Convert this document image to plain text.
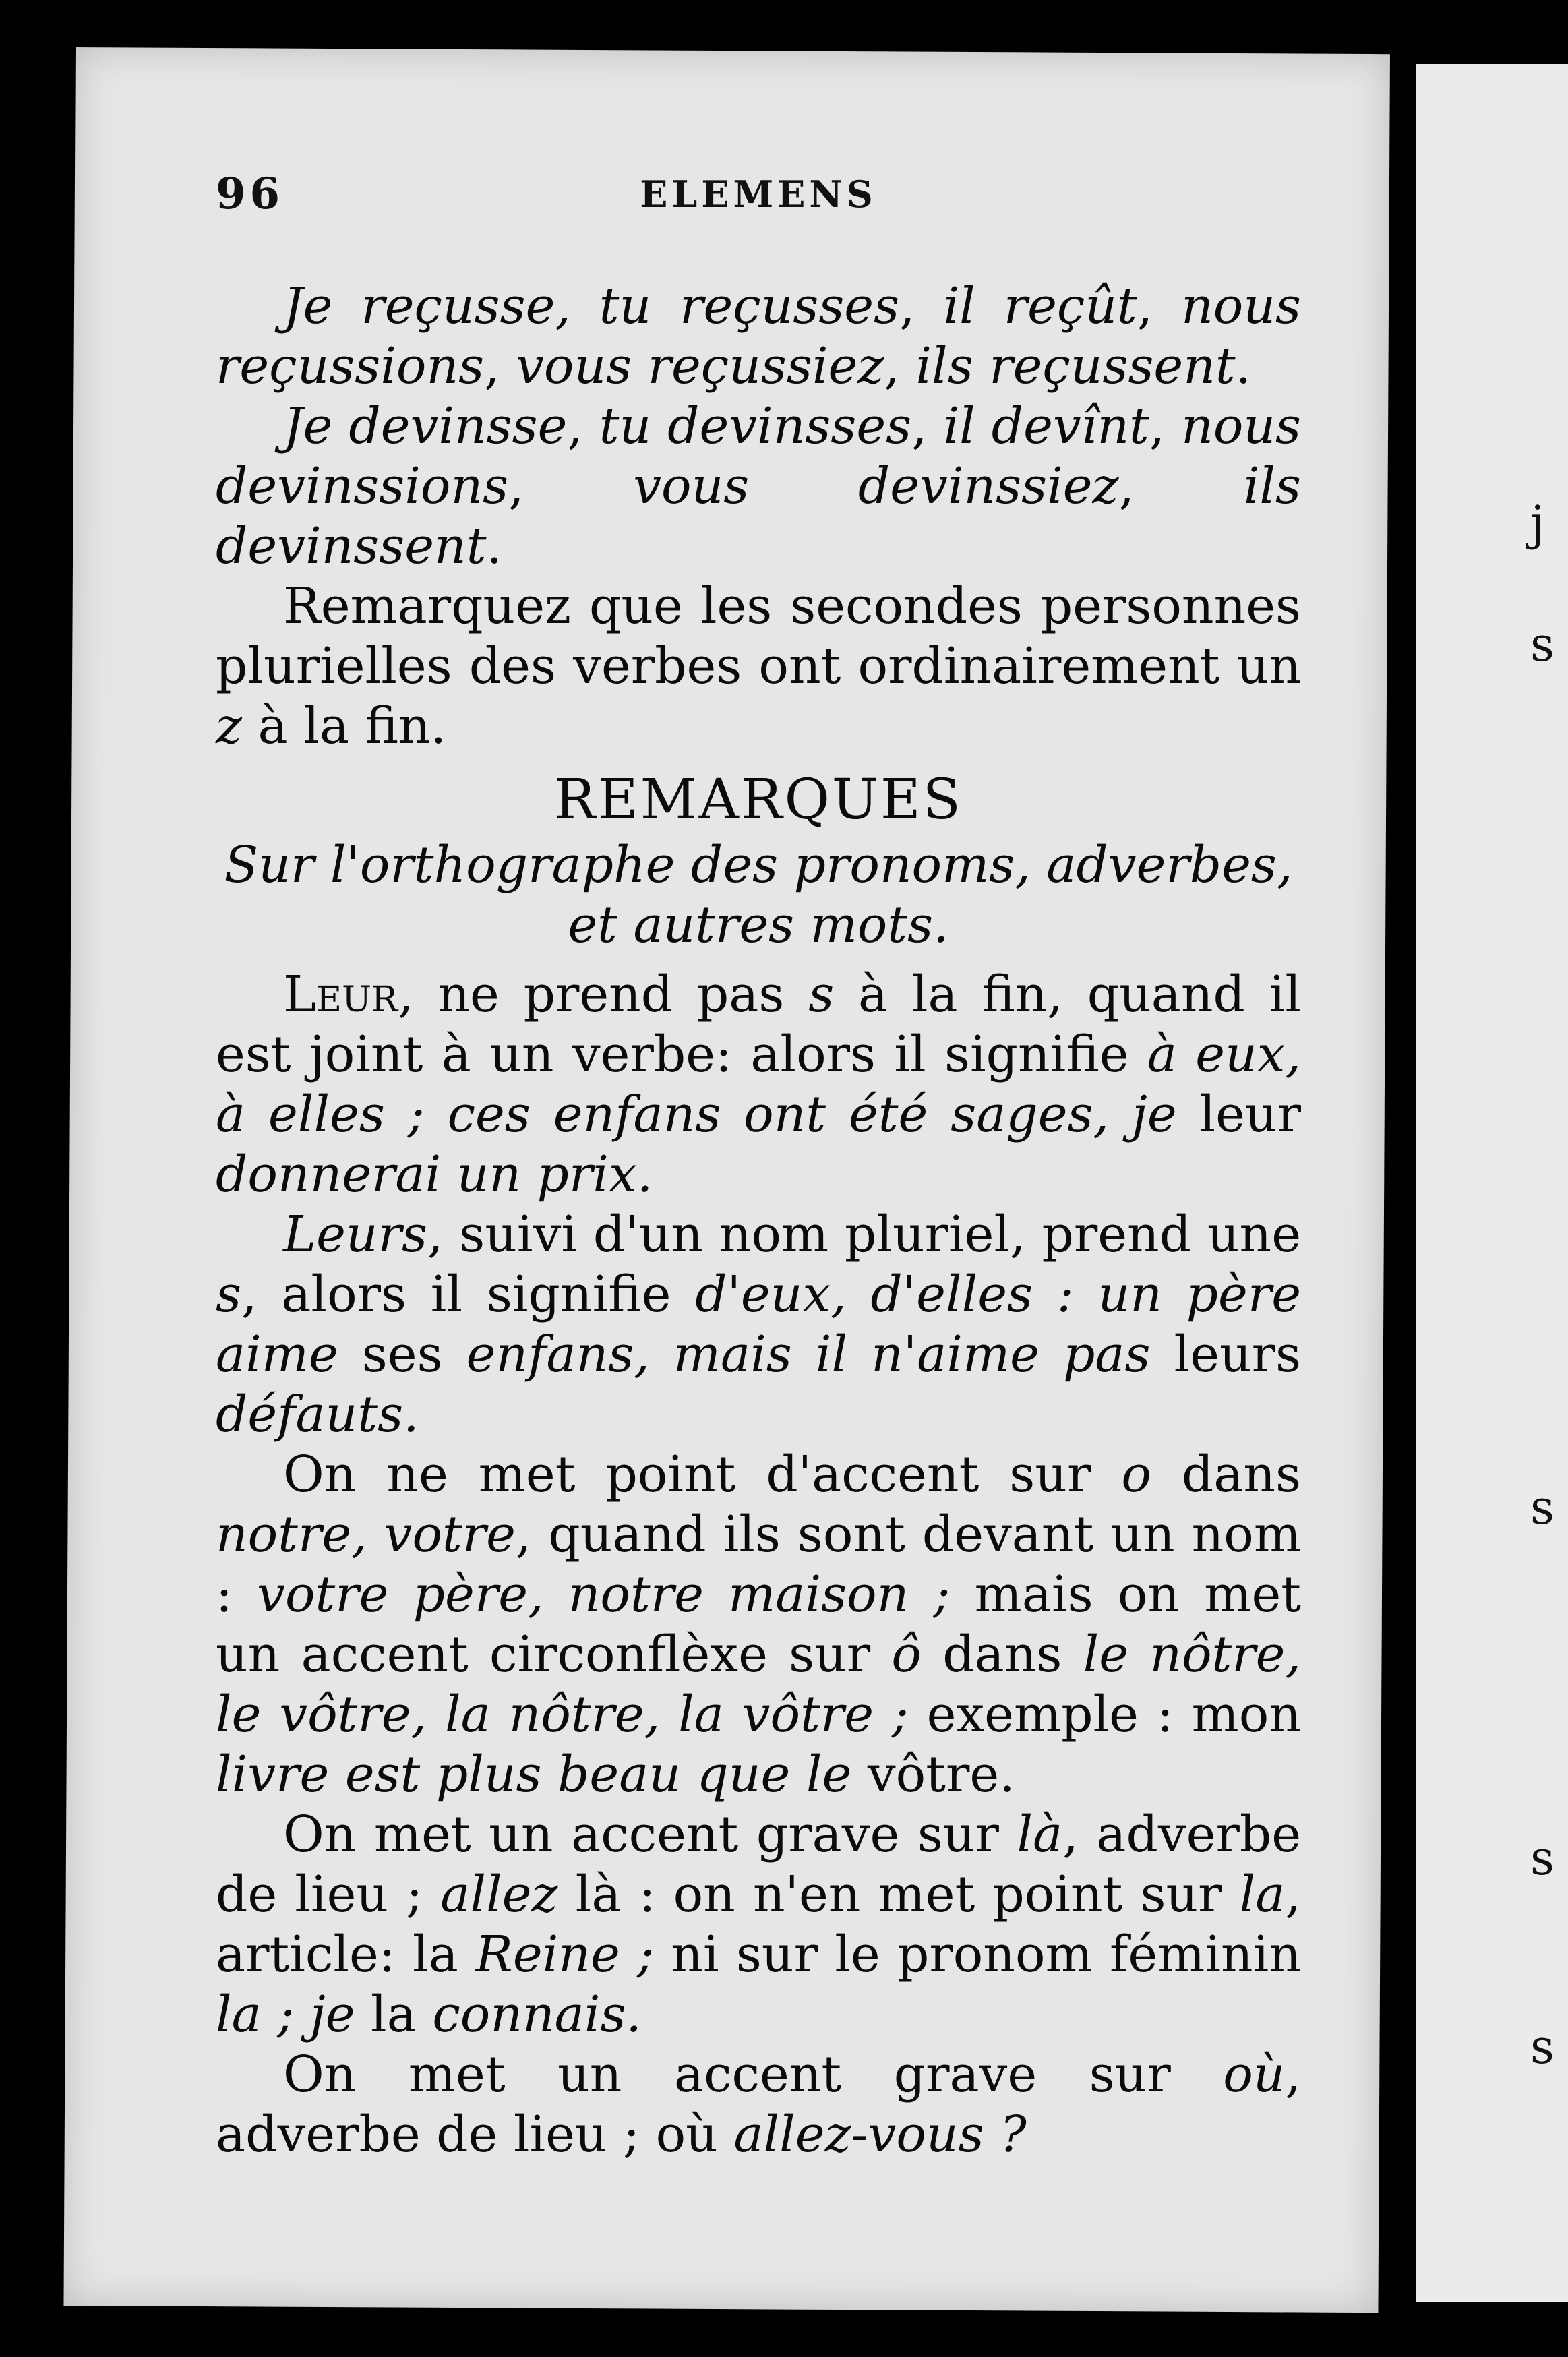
j
s
s
s
s
96	ELEMENS

Je reçusse, tu reçusses, il reçût, nous reçussions, vous reçussiez, ils reçussent.

Je devinsse, tu devinsses, il devînt, nous devinssions, vous devinssiez, ils devinssent.

Remarquez que les secondes personnes plurielles des verbes ont ordinairement un z à la fin.

REMARQUES

Sur l'orthographe des pronoms, adverbes, et autres mots.

Leur, ne prend pas s à la fin, quand il est joint à un verbe: alors il signifie à eux, à elles ; ces enfans ont été sages, je leur donnerai un prix.

Leurs, suivi d'un nom pluriel, prend une s, alors il signifie d'eux, d'elles : un père aime ses enfans, mais il n'aime pas leurs défauts.

On ne met point d'accent sur o dans notre, votre, quand ils sont devant un nom : votre père, notre maison ; mais on met un accent circonflèxe sur ô dans le nôtre, le vôtre, la nôtre, la vôtre ; exemple : mon livre est plus beau que le vôtre.

On met un accent grave sur là, adverbe de lieu ; allez là : on n'en met point sur la, article: la Reine ; ni sur le pronom féminin la ; je la connais.

On met un accent grave sur où, adverbe de lieu ; où allez-vous ?
